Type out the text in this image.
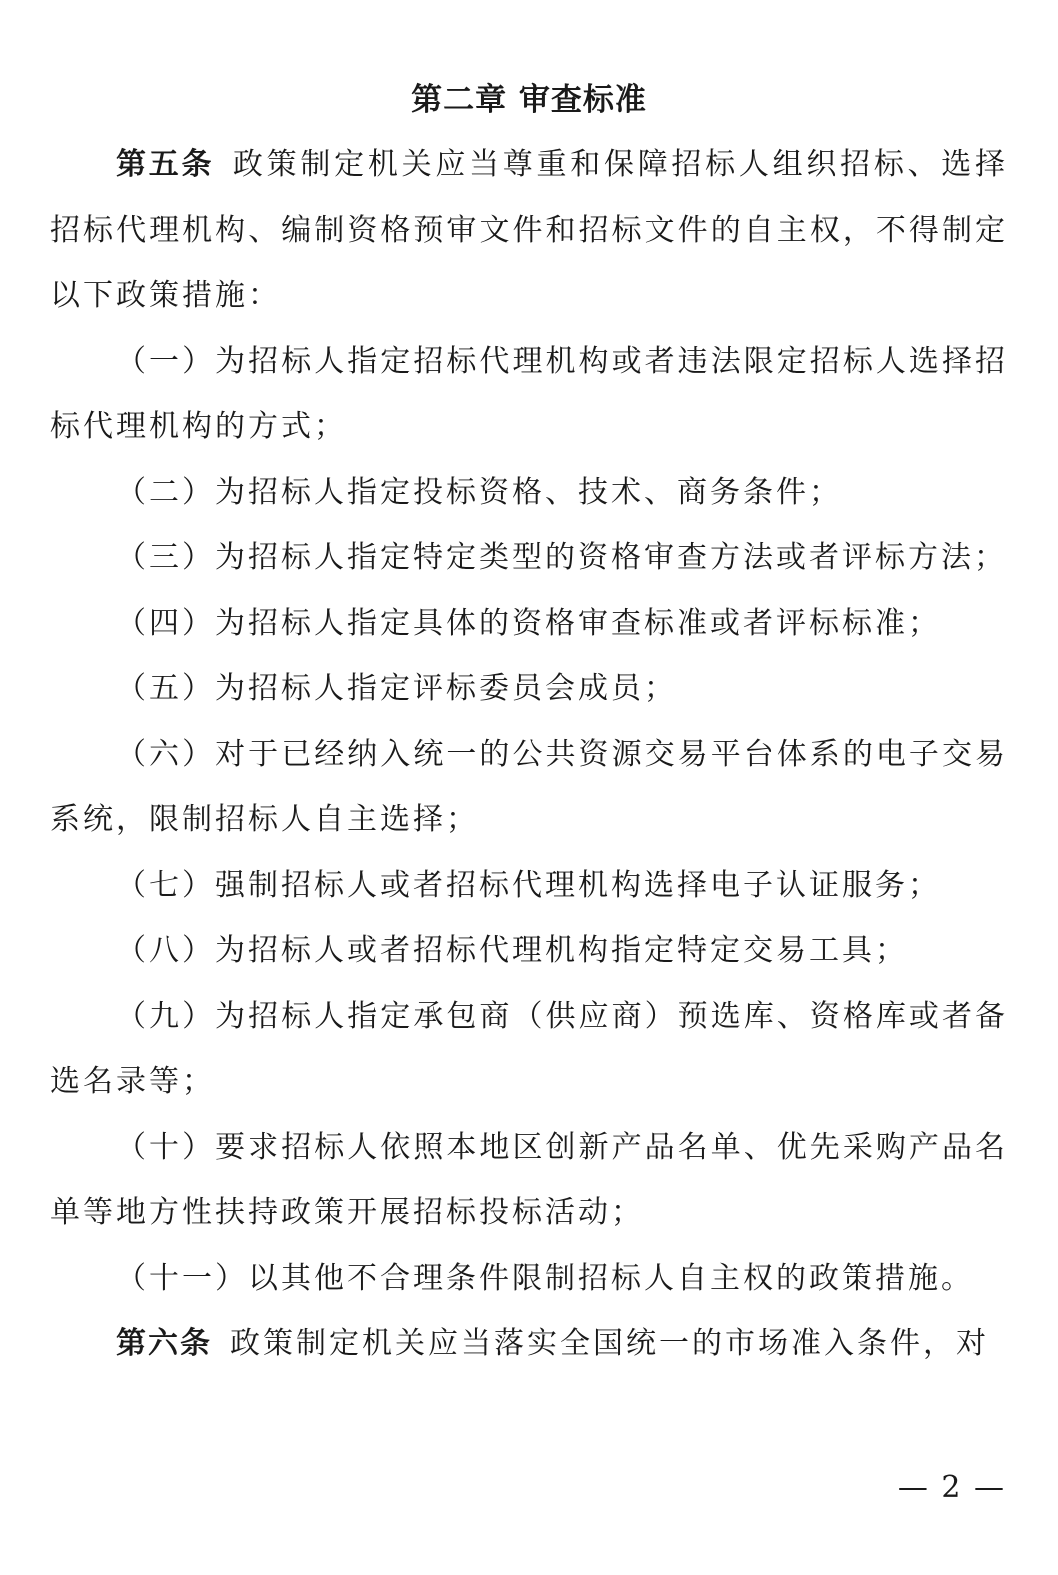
第二章 审查标准

第五条 政策制定机关应当尊重和保障招标人组织招标、选择招标代理机构、编制资格预审文件和招标文件的自主权，不得制定以下政策措施：

（一）为招标人指定招标代理机构或者违法限定招标人选择招标代理机构的方式；

（二）为招标人指定投标资格、技术、商务条件；

（三）为招标人指定特定类型的资格审查方法或者评标方法；

（四）为招标人指定具体的资格审查标准或者评标标准；

（五）为招标人指定评标委员会成员；

（六）对于已经纳入统一的公共资源交易平台体系的电子交易系统，限制招标人自主选择；

（七）强制招标人或者招标代理机构选择电子认证服务；

（八）为招标人或者招标代理机构指定特定交易工具；

（九）为招标人指定承包商（供应商）预选库、资格库或者备选名录等；

（十）要求招标人依照本地区创新产品名单、优先采购产品名单等地方性扶持政策开展招标投标活动；

（十一）以其他不合理条件限制招标人自主权的政策措施。

第六条 政策制定机关应当落实全国统一的市场准入条件，对

— 2 —
